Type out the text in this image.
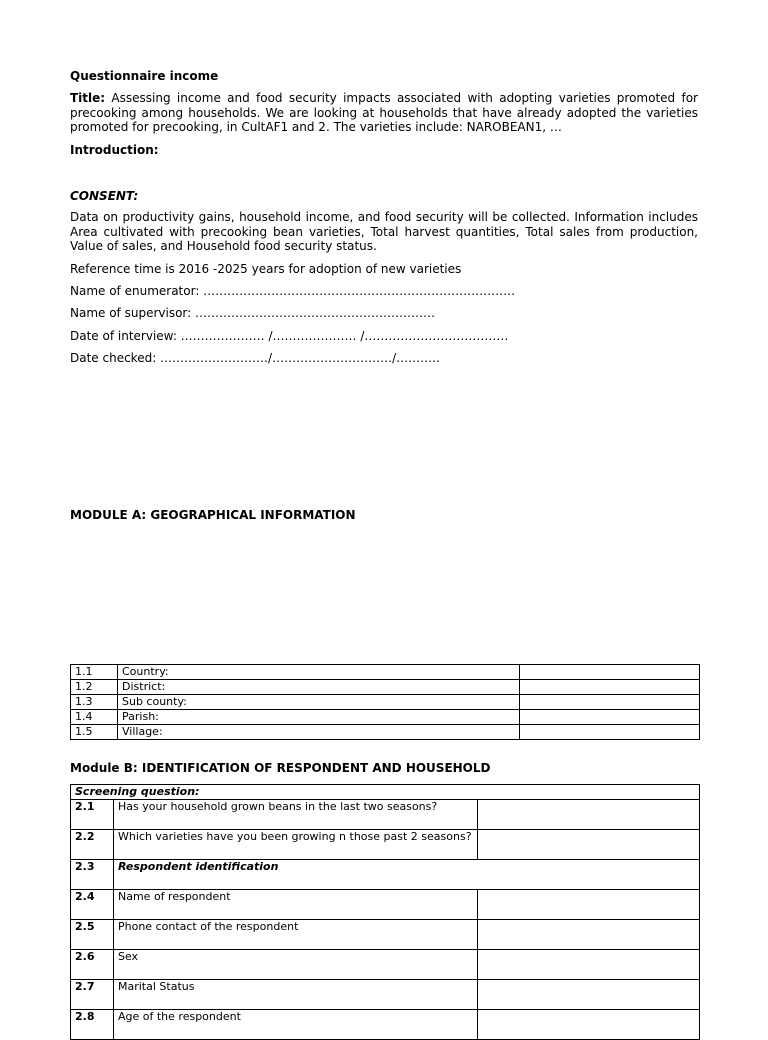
Questionnaire income

Title: Assessing income and food security impacts associated with adopting varieties promoted for precooking among households. We are looking at households that have already adopted the varieties promoted for precooking, in CultAF1 and 2. The varieties include: NAROBEAN1, …

Introduction:
CONSENT:

Data on productivity gains, household income, and food security will be collected. Information includes Area cultivated with precooking bean varieties, Total harvest quantities, Total sales from production, Value of sales, and Household food security status.

Reference time is 2016 -2025 years for adoption of new varieties
Name of enumerator: ……………………………………………………………………
Name of supervisor: ……………………………………………………
Date of interview: ………………… /………………… /………………………………
Date checked: ………………………/…………………………/………..
MODULE A: GEOGRAPHICAL INFORMATION
1.1	Country:	
1.2	District:	
1.3	Sub county:	
1.4	Parish:	
1.5	Village:	
Module B: IDENTIFICATION OF RESPONDENT AND HOUSEHOLD
Screening question:		
2.1	Has your household grown beans in the last two seasons?	
2.2	Which varieties have you been growing n those past 2 seasons?	
2.3	Respondent identification	
2.4	Name of respondent	
2.5	Phone contact of the respondent	
2.6	Sex	
2.7	Marital Status	
2.8	Age of the respondent	
